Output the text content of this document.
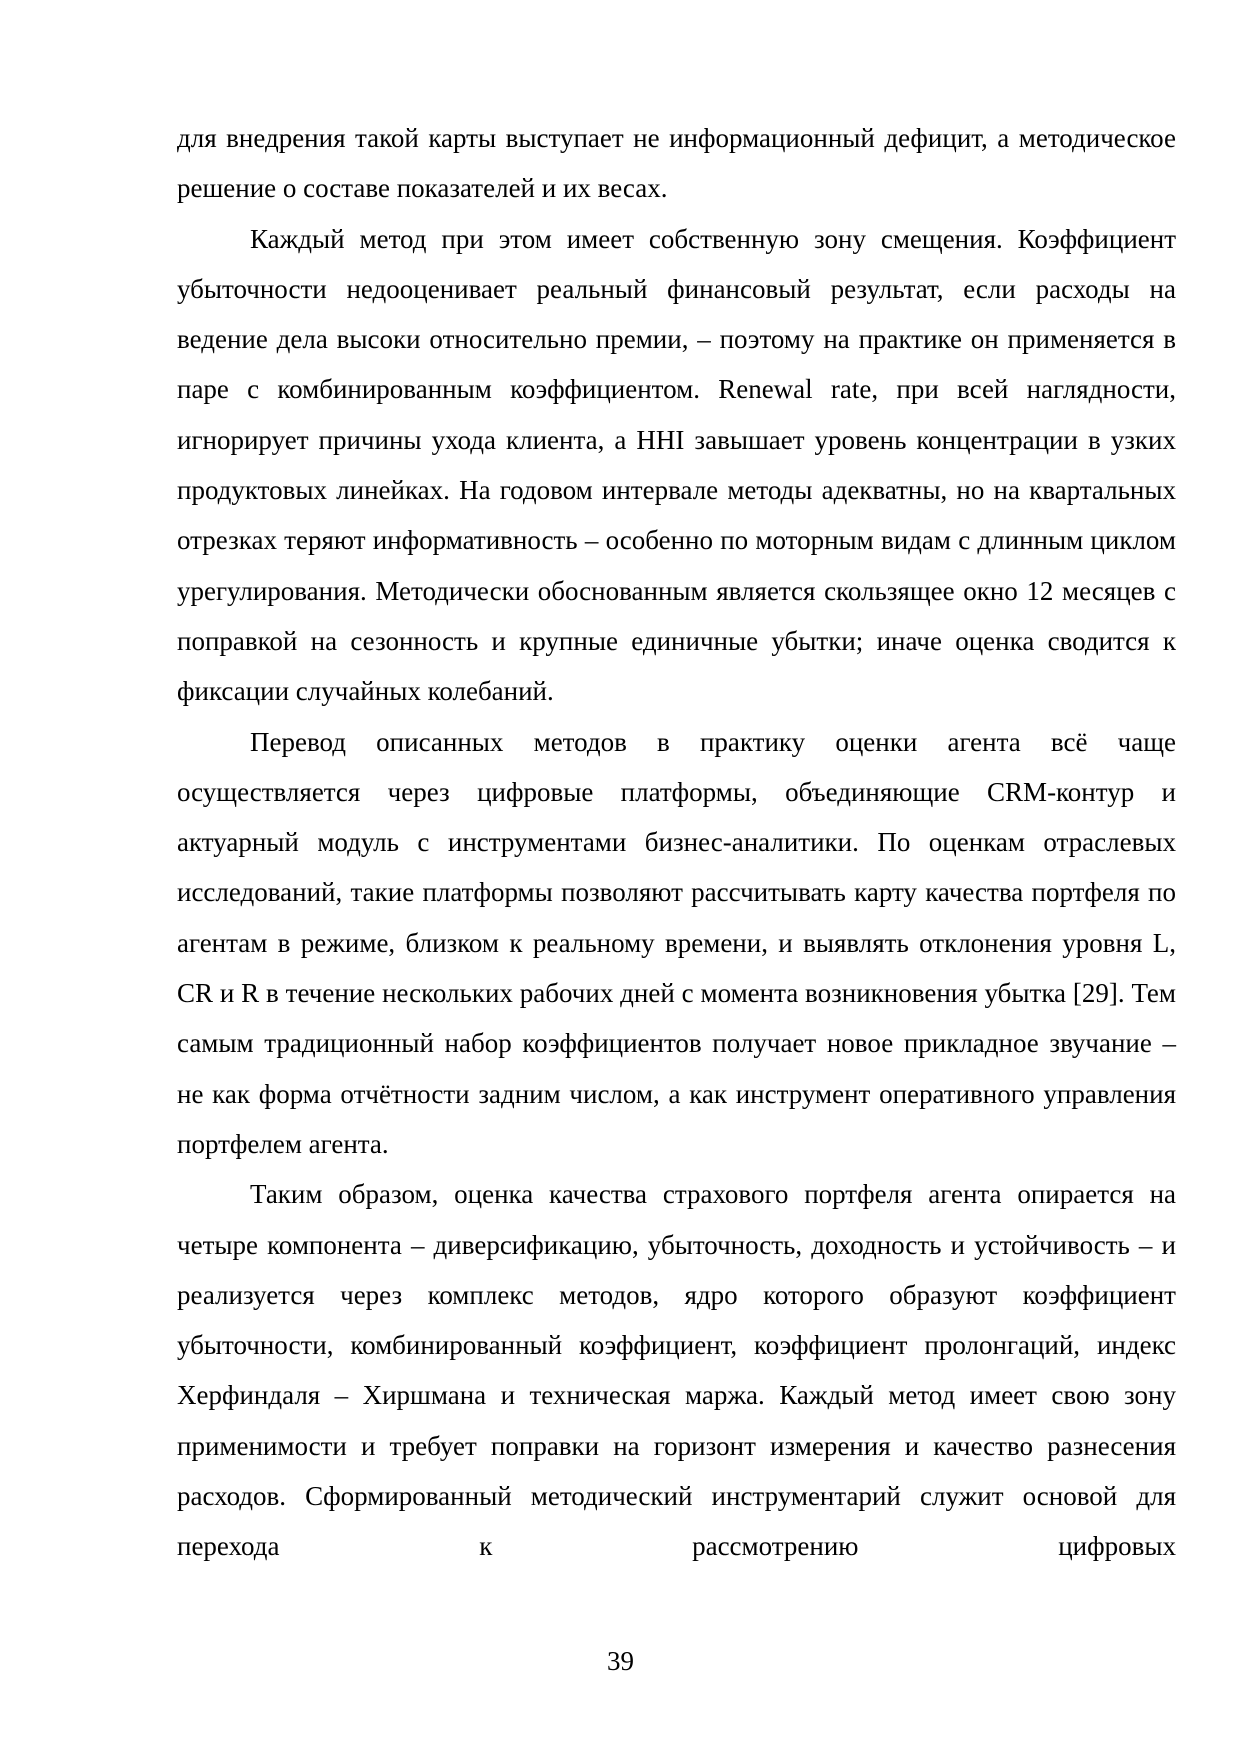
для внедрения такой карты выступает не информационный дефицит, а методическое решение о составе показателей и их весах.

Каждый метод при этом имеет собственную зону смещения. Коэффициент убыточности недооценивает реальный финансовый результат, если расходы на ведение дела высоки относительно премии, – поэтому на практике он применяется в паре с комбинированным коэффициентом. Renewal rate, при всей наглядности, игнорирует причины ухода клиента, а HHI завышает уровень концентрации в узких продуктовых линейках. На годовом интервале методы адекватны, но на квартальных отрезках теряют информативность – особенно по моторным видам с длинным циклом урегулирования. Методически обоснованным является скользящее окно 12 месяцев с поправкой на сезонность и крупные единичные убытки; иначе оценка сводится к фиксации случайных колебаний.

Перевод описанных методов в практику оценки агента всё чаще осуществляется через цифровые платформы, объединяющие CRM-контур и актуарный модуль с инструментами бизнес-аналитики. По оценкам отраслевых исследований, такие платформы позволяют рассчитывать карту качества портфеля по агентам в режиме, близком к реальному времени, и выявлять отклонения уровня L, CR и R в течение нескольких рабочих дней с момента возникновения убытка [29]. Тем самым традиционный набор коэффициентов получает новое прикладное звучание – не как форма отчётности задним числом, а как инструмент оперативного управления портфелем агента.

Таким образом, оценка качества страхового портфеля агента опирается на четыре компонента – диверсификацию, убыточность, доходность и устойчивость – и реализуется через комплекс методов, ядро которого образуют коэффициент убыточности, комбинированный коэффициент, коэффициент пролонгаций, индекс Херфиндаля – Хиршмана и техническая маржа. Каждый метод имеет свою зону применимости и требует поправки на горизонт измерения и качество разнесения расходов. Сформированный методический инструментарий служит основой для перехода к рассмотрению цифровых

39
